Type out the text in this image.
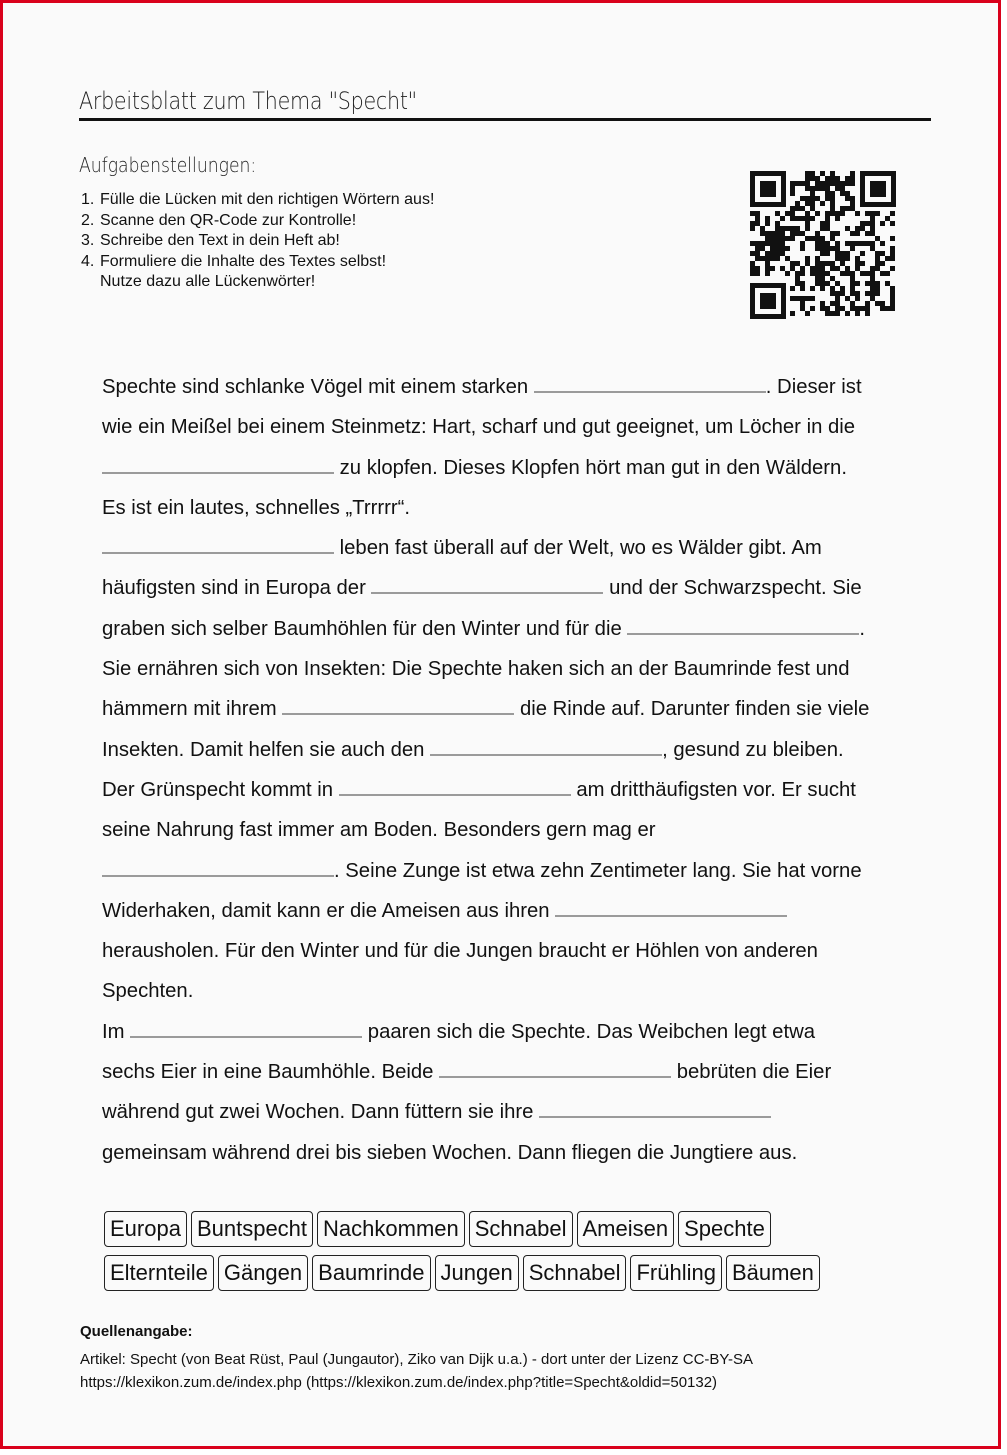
Arbeitsblatt zum Thema "Specht"
Aufgabenstellungen:
1. Fülle die Lücken mit den richtigen Wörtern aus!
2. Scanne den QR-Code zur Kontrolle!
3. Schreibe den Text in dein Heft ab!
4. Formuliere die Inhalte des Textes selbst!
Nutze dazu alle Lückenwörter!
Spechte sind schlanke Vögel mit einem starken	. Dieser ist
wie ein Meißel bei einem Steinmetz: Hart, scharf und gut geeignet, um Löcher in die
zu klopfen. Dieses Klopfen hört man gut in den Wäldern.
Es ist ein lautes, schnelles „Trrrrr“.
leben fast überall auf der Welt, wo es Wälder gibt. Am
häufigsten sind in Europa der	und der Schwarzspecht. Sie
graben sich selber Baumhöhlen für den Winter und für die	.
Sie ernähren sich von Insekten: Die Spechte haken sich an der Baumrinde fest und
hämmern mit ihrem	die Rinde auf. Darunter finden sie viele
Insekten. Damit helfen sie auch den	, gesund zu bleiben.
Der Grünspecht kommt in	am dritthäufigsten vor. Er sucht
seine Nahrung fast immer am Boden. Besonders gern mag er
. Seine Zunge ist etwa zehn Zentimeter lang. Sie hat vorne
Widerhaken, damit kann er die Ameisen aus ihren
herausholen. Für den Winter und für die Jungen braucht er Höhlen von anderen
Spechten.
Im	paaren sich die Spechte. Das Weibchen legt etwa
sechs Eier in eine Baumhöhle. Beide	bebrüten die Eier
während gut zwei Wochen. Dann füttern sie ihre
gemeinsam während drei bis sieben Wochen. Dann fliegen die Jungtiere aus.
Europa Buntspecht Nachkommen Schnabel Ameisen Spechte
Elternteile Gängen Baumrinde Jungen Schnabel Frühling Bäumen
Quellenangabe:
Artikel: Specht (von Beat Rüst, Paul (Jungautor), Ziko van Dijk u.a.) - dort unter der Lizenz CC-BY-SA
https://klexikon.zum.de/index.php (https://klexikon.zum.de/index.php?title=Specht&oldid=50132)
